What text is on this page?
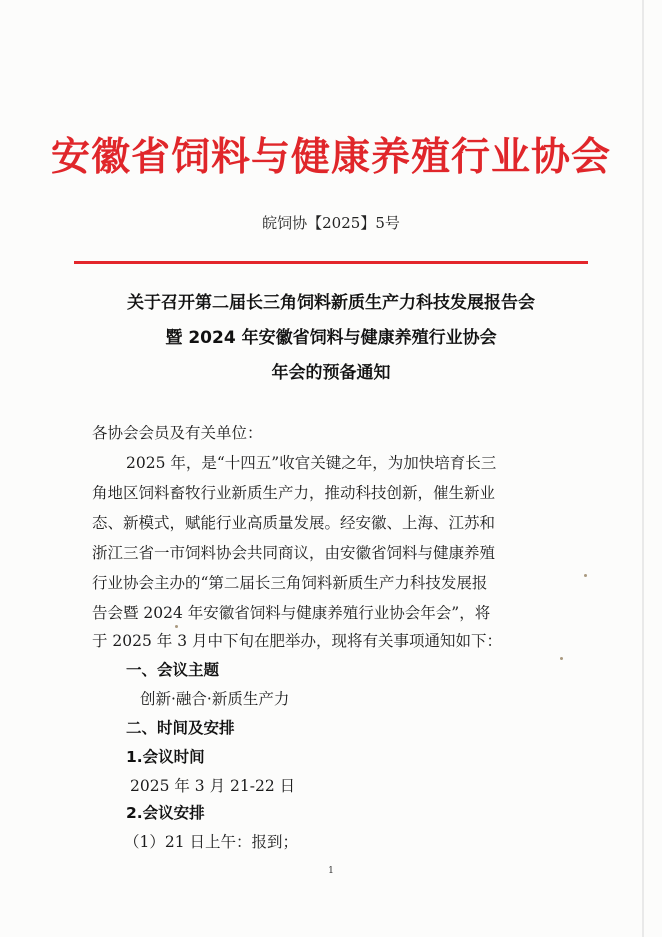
安徽省饲料与健康养殖行业协会
皖饲协【2025】5号
关于召开第二届长三角饲料新质生产力科技发展报告会
暨 2024 年安徽省饲料与健康养殖行业协会
年会的预备通知
各协会会员及有关单位：
2025 年，是“十四五”收官关键之年，为加快培育长三
角地区饲料畜牧行业新质生产力，推动科技创新，催生新业
态、新模式，赋能行业高质量发展。经安徽、上海、江苏和
浙江三省一市饲料协会共同商议，由安徽省饲料与健康养殖
行业协会主办的“第二届长三角饲料新质生产力科技发展报
告会暨 2024 年安徽省饲料与健康养殖行业协会年会”，将
于 2025 年 3 月中下旬在肥举办，现将有关事项通知如下：
一、会议主题
创新·融合·新质生产力
二、时间及安排
1.会议时间
2025 年 3 月 21-22 日
2.会议安排
（1）21 日上午：报到；
1
